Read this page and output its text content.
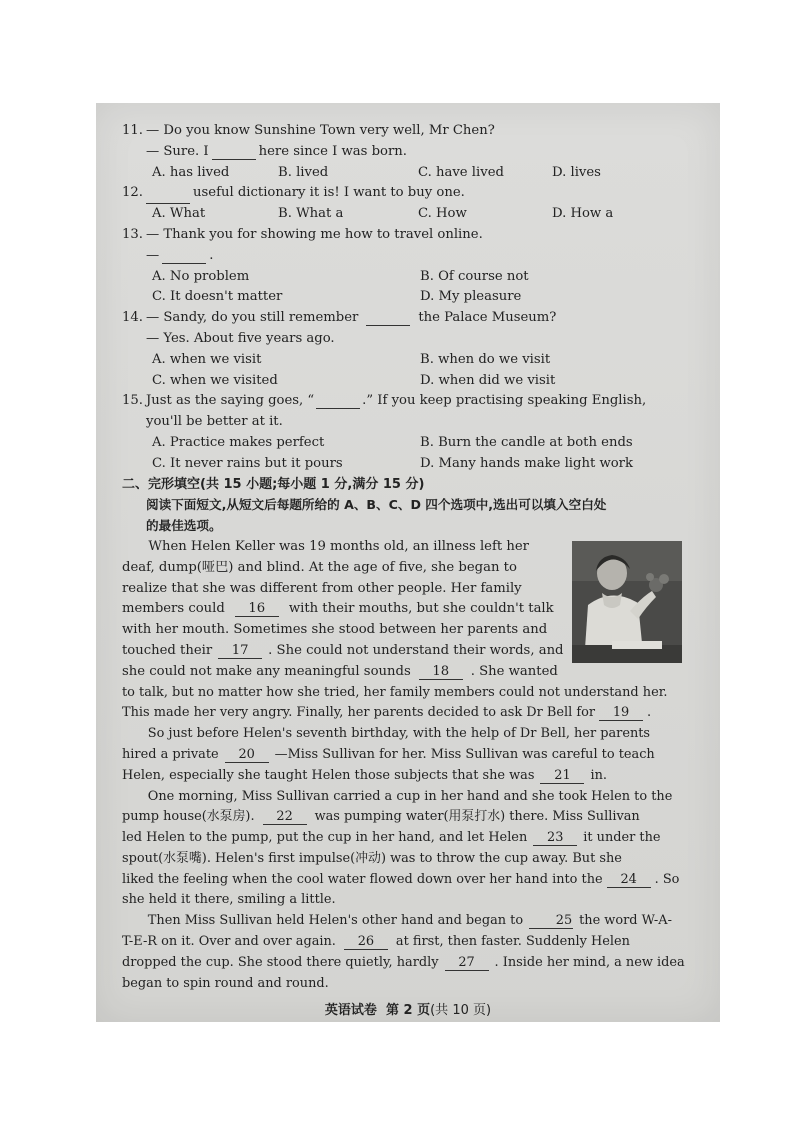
11. — Do you know Sunshine Town very well, Mr Chen?
— Sure. I	here since I was born.
A. has lived	B. lived	C. have lived	D. lives
12.
	useful dictionary it is! I want to buy one.
A. What	B. What a	C. How	D. How a
13. — Thank you for showing me how to travel online.
—	.
A. No problem	B. Of course not
C. It doesn't matter	D. My pleasure
14. — Sandy, do you still remember	the Palace Museum?
— Yes. About five years ago.
A. when we visit	B. when do we visit
C. when we visited	D. when did we visit
15. Just as the saying goes, “	.” If you keep practising speaking English,
you'll be better at it.
A. Practice makes perfect	B. Burn the candle at both ends
C. It never rains but it pours	D. Many hands make light work
二、完形填空(共 15 小题;每小题 1 分,满分 15 分)
阅读下面短文,从短文后每题所给的 A、B、C、D 四个选项中,选出可以填入空白处
的最佳选项。
When Helen Keller was 19 months old, an illness left her
deaf, dump(哑巴) and blind. At the age of five, she began to
realize that she was different from other people. Her family
members could 16 with their mouths, but she couldn't talk
with her mouth. Sometimes she stood between her parents and
touched their 17 . She could not understand their words, and
she could not make any meaningful sounds 18 . She wanted
to talk, but no matter how she tried, her family members could not understand her.
This made her very angry. Finally, her parents decided to ask Dr Bell for 19 .
So just before Helen's seventh birthday, with the help of Dr Bell, her parents
hired a private 20 —Miss Sullivan for her. Miss Sullivan was careful to teach
Helen, especially she taught Helen those subjects that she was 21 in.
One morning, Miss Sullivan carried a cup in her hand and she took Helen to the
pump house(水泵房). 22 was pumping water(用泵打水) there. Miss Sullivan
led Helen to the pump, put the cup in her hand, and let Helen 23 it under the
spout(水泵嘴). Helen's first impulse(冲动) was to throw the cup away. But she
liked the feeling when the cool water flowed down over her hand into the 24 . So
she held it there, smiling a little.
Then Miss Sullivan held Helen's other hand and began to	25 the word W-A-
T-E-R on it. Over and over again. 26 at first, then faster. Suddenly Helen
dropped the cup. She stood there quietly, hardly 27 . Inside her mind, a new idea
began to spin round and round.
英语试卷 第 2 页(共 10 页)
